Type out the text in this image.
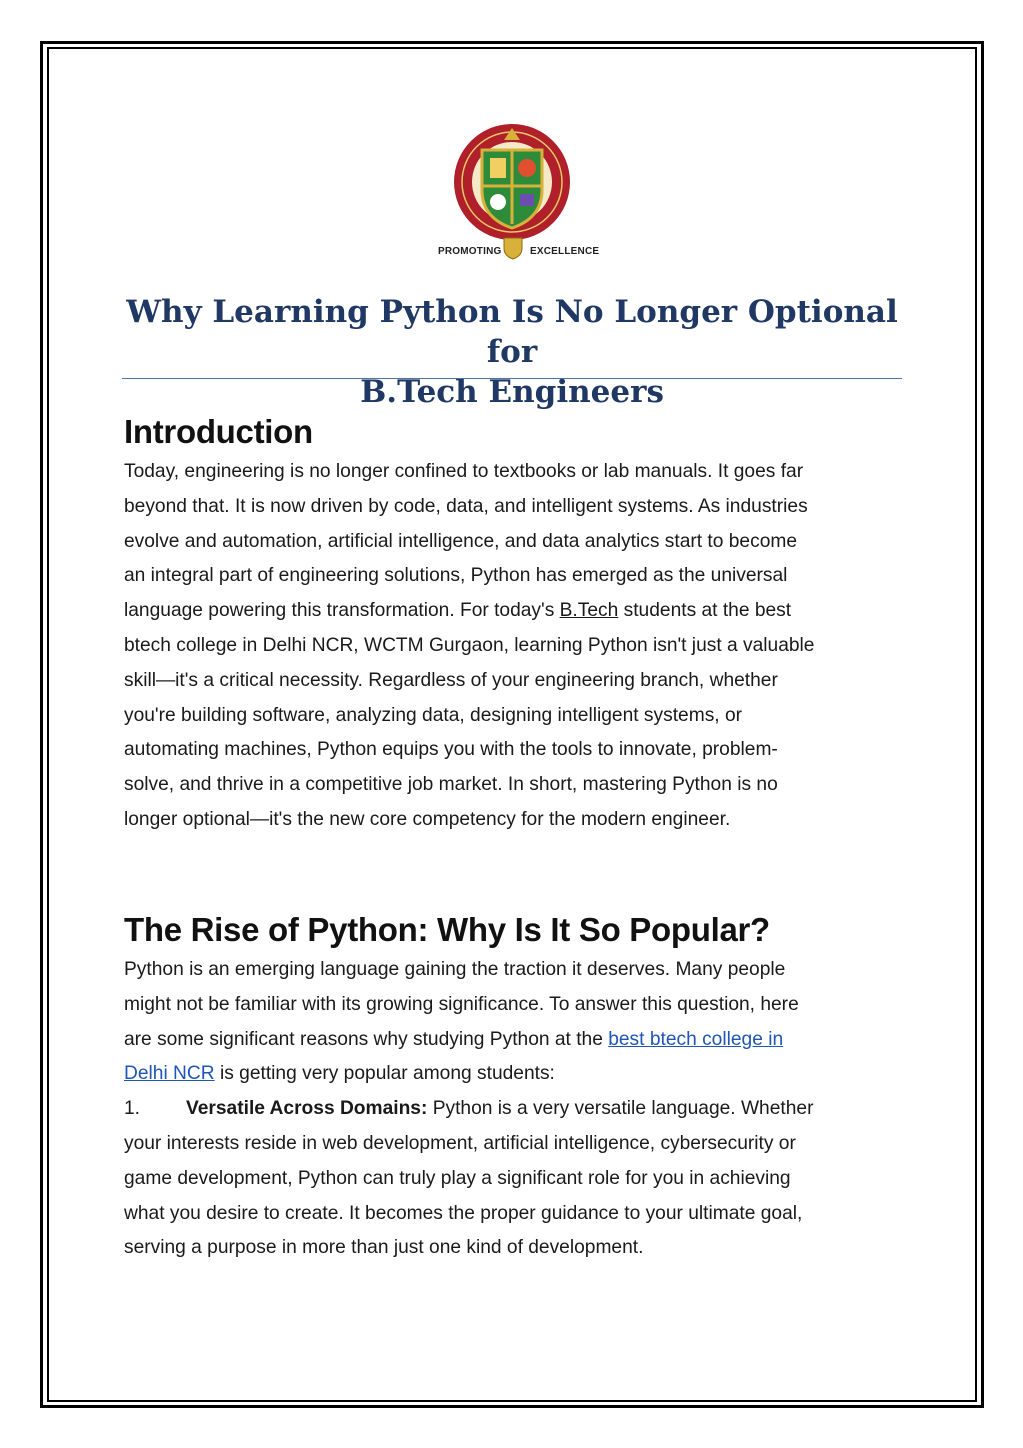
PROMOTING	EXCELLENCE
Why Learning Python Is No Longer Optional for
B.Tech Engineers
Introduction
Today, engineering is no longer confined to textbooks or lab manuals. It goes far
beyond that. It is now driven by code, data, and intelligent systems. As industries
evolve and automation, artificial intelligence, and data analytics start to become
an integral part of engineering solutions, Python has emerged as the universal
language powering this transformation. For today's B.Tech students at the best
btech college in Delhi NCR, WCTM Gurgaon, learning Python isn't just a valuable
skill—it's a critical necessity. Regardless of your engineering branch, whether
you're building software, analyzing data, designing intelligent systems, or
automating machines, Python equips you with the tools to innovate, problem-
solve, and thrive in a competitive job market. In short, mastering Python is no
longer optional—it's the new core competency for the modern engineer.
The Rise of Python: Why Is It So Popular?
Python is an emerging language gaining the traction it deserves. Many people
might not be familiar with its growing significance. To answer this question, here
are some significant reasons why studying Python at the best btech college in
Delhi NCR is getting very popular among students:
1. Versatile Across Domains: Python is a very versatile language. Whether
your interests reside in web development, artificial intelligence, cybersecurity or
game development, Python can truly play a significant role for you in achieving
what you desire to create. It becomes the proper guidance to your ultimate goal,
serving a purpose in more than just one kind of development.
